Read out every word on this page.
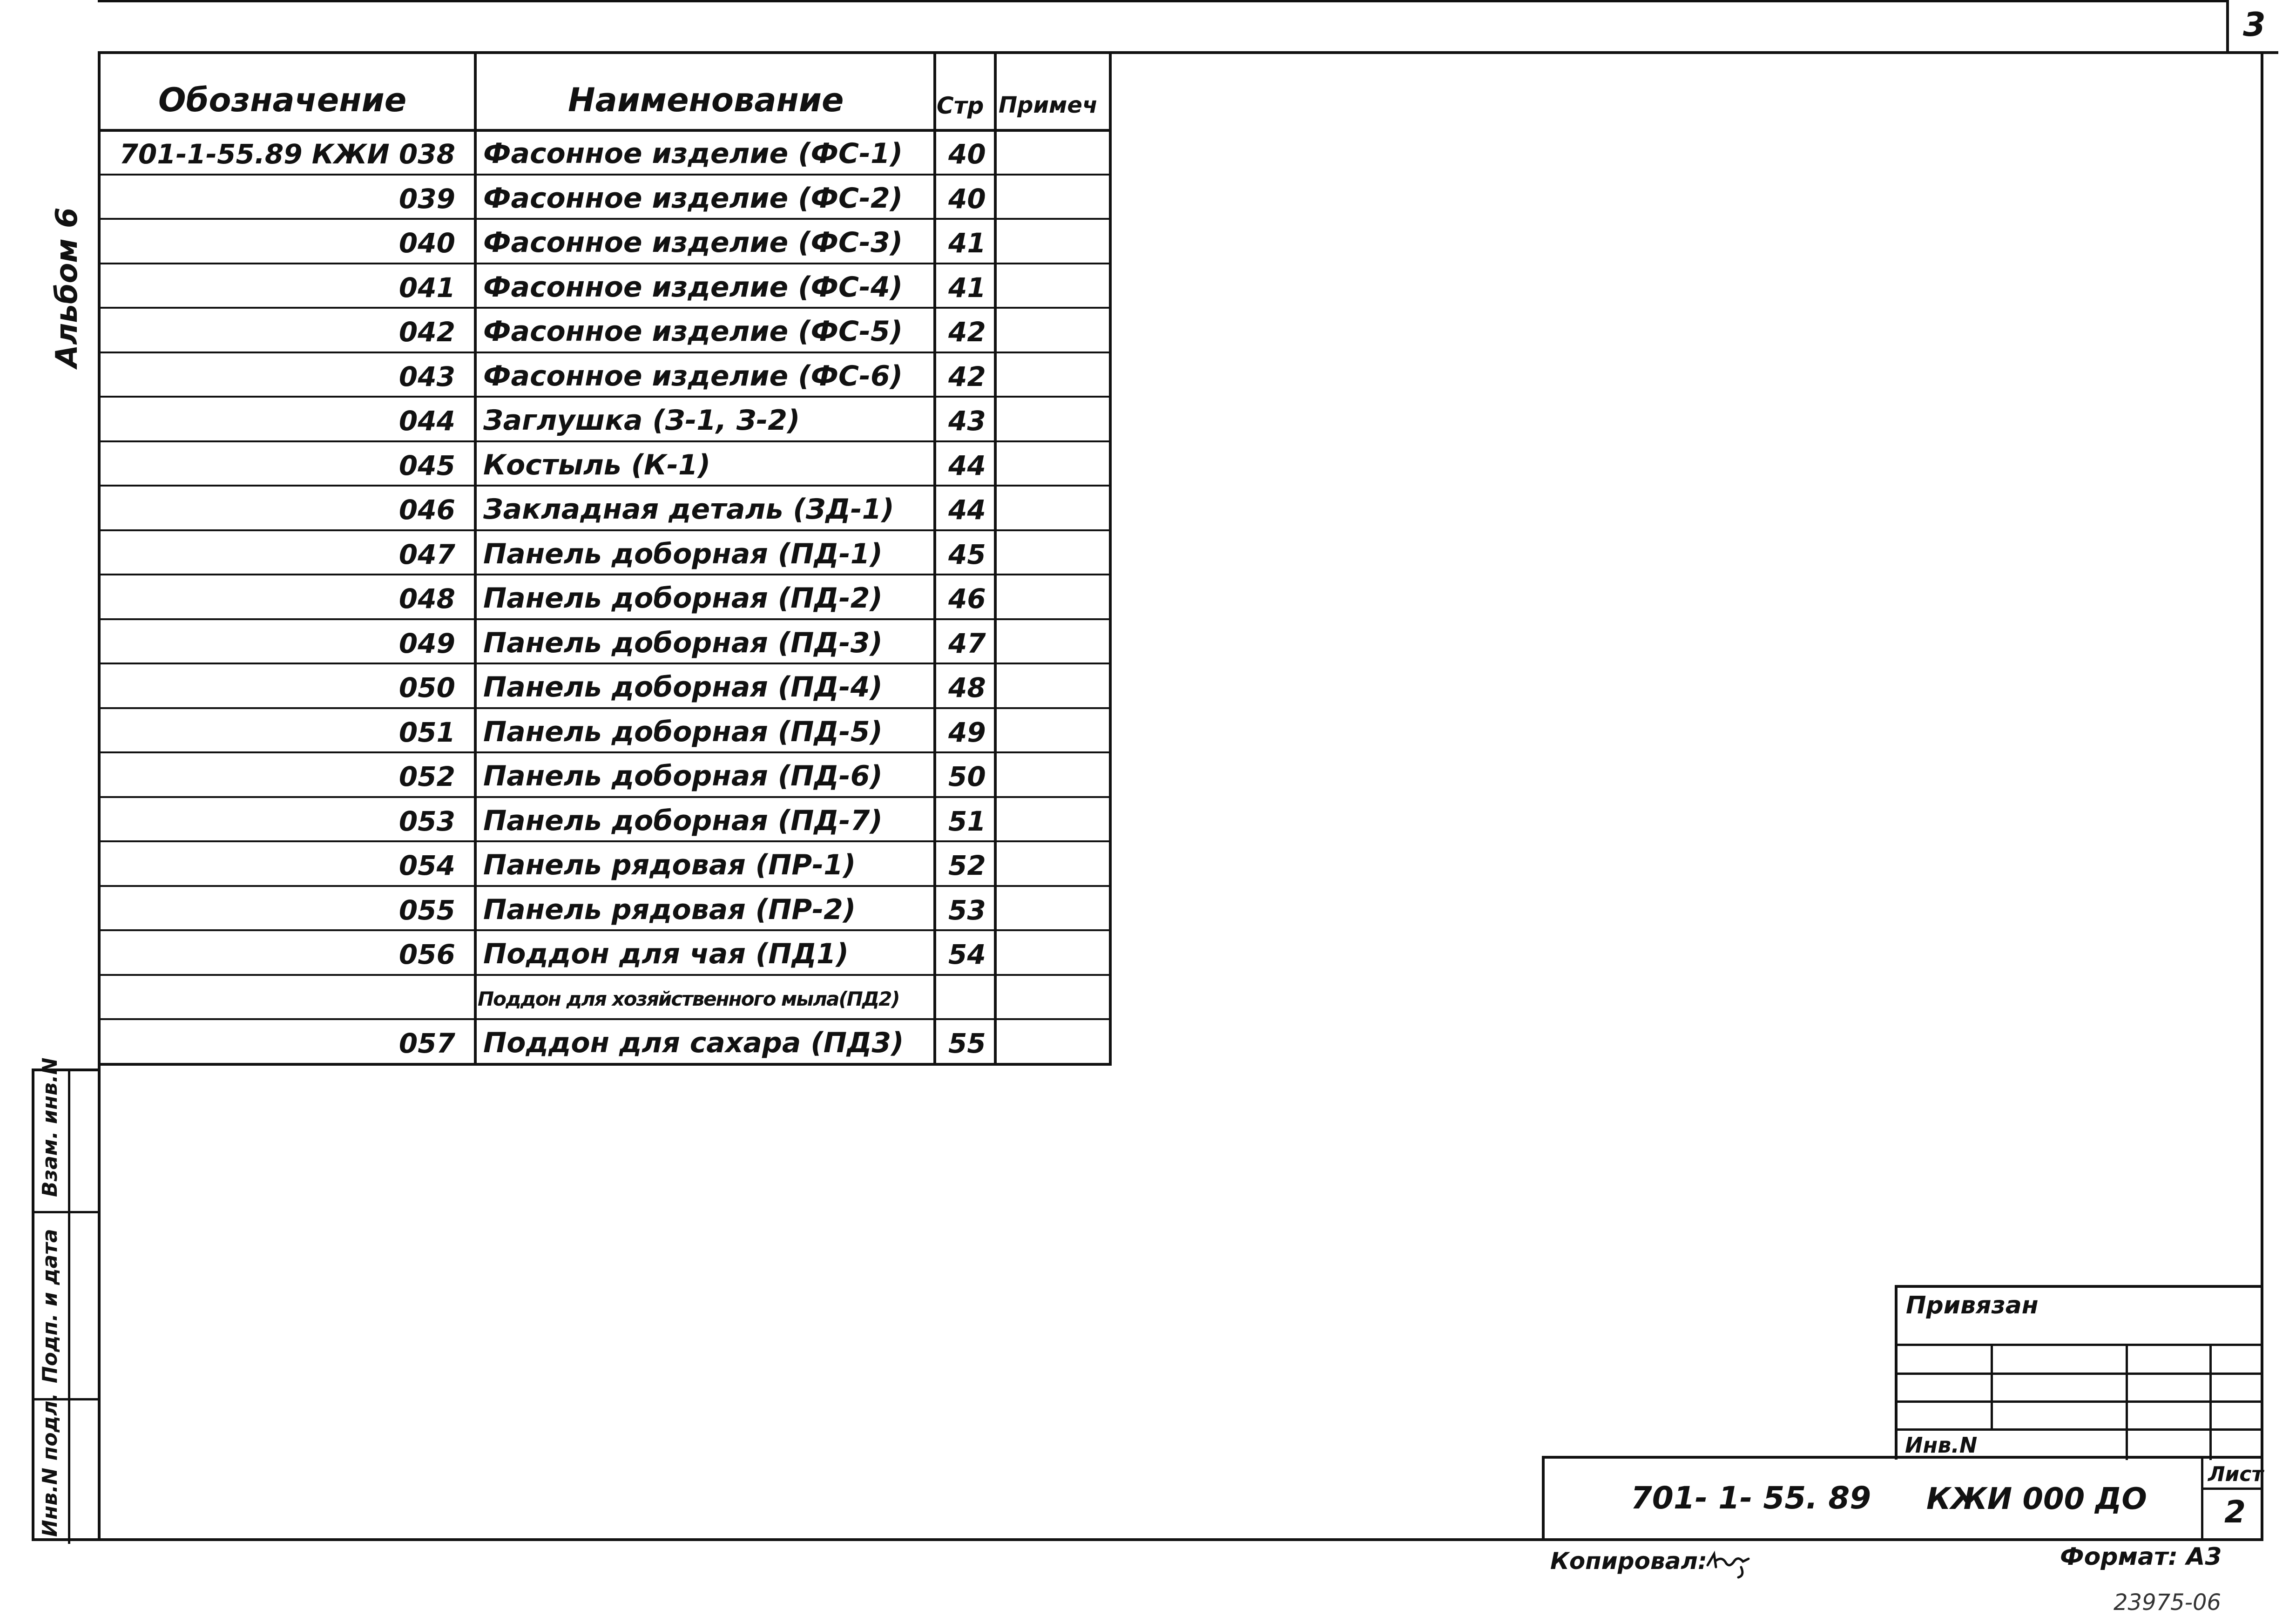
3
Альбом 6
Обозначение	Наименование	Стр Примеч
701-1-55.89 КЖИ 038 Фасонное изделие (ФС-1) 40
039 Фасонное изделие (ФС-2) 40
040 Фасонное изделие (ФС-3) 41
041 Фасонное изделие (ФС-4) 41
042 Фасонное изделие (ФС-5) 42
043 Фасонное изделие (ФС-6) 42
044 Заглушка (З-1, З-2)	43
045 Костыль (К-1)	44
046 Закладная деталь (ЗД-1) 44
047 Панель доборная (ПД-1) 45
048 Панель доборная (ПД-2) 46
049 Панель доборная (ПД-3) 47
050 Панель доборная (ПД-4) 48
051 Панель доборная (ПД-5) 49
052 Панель доборная (ПД-6) 50
053 Панель доборная (ПД-7) 51
054 Панель рядовая (ПР-1)	52
055 Панель рядовая (ПР-2)	53
056 Поддон для чая (ПД1)	54
Поддон для хозяйственного мыла(ПД2)
057 Поддон для сахара (ПД3) 55
Взам. инв.N
Подп. и дата
Инв.N подл.
Привязан
Инв.N
701- 1- 55. 89 КЖИ 000 ДО
Лист
2
Копировал:	Формат: А3
23975-06
